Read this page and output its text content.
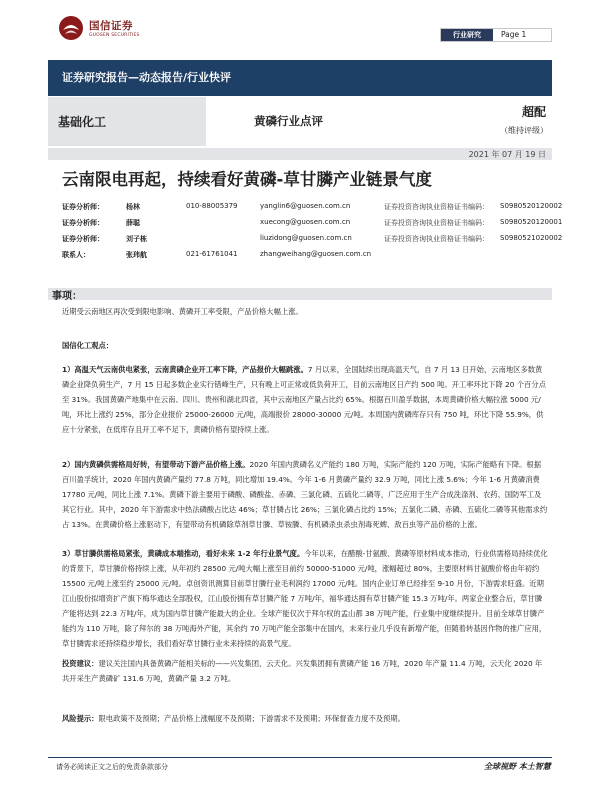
国信证券
GUOSEN SECURITIES	行业研究	Page 1
证券研究报告—动态报告/行业快评
基础化工	黄磷行业点评
超配
（维持评级）
2021 年 07 月 19 日
云南限电再起，持续看好黄磷-草甘膦产业链景气度
证券分析师：	杨林	010-88005379	yanglin6@guosen.com.cn	证券投资咨询执业资格证书编码： S0980520120002
证券分析师：	薛聪	xuecong@guosen.com.cn	证券投资咨询执业资格证书编码： S0980520120001
证券分析师：	刘子栋	liuzidong@guosen.com.cn	证券投资咨询执业资格证书编码： S0980521020002
联系人：	张玮航	021-61761041	zhangweihang@guosen.com.cn
事项：
近期受云南地区再次受到限电影响、黄磷开工率受限，产品价格大幅上涨。
国信化工观点：
1）高温天气云南供电紧张，云南黄磷企业开工率下降，产品报价大幅跳涨。7 月以来，全国陆续出现高温天气，自 7 月 13 日开始，云南地区多数黄磷企业降负荷生产，7 月 15 日起多数企业实行错峰生产，只有晚上可正常或低负荷开工，目前云南地区日产约 500 吨。开工率环比下降 20 个百分点至 31%。我国黄磷产地集中在云南、四川、贵州和湖北四省，其中云南地区产量占比约 65%。根据百川盈孚数据，本周黄磷价格大幅拉涨 5000 元/吨，环比上涨约 25%，部分企业报价 25000-26000 元/吨，高端报价 28000-30000 元/吨。本周国内黄磷库存只有 750 吨，环比下降 55.9%，供应十分紧张，在低库存且开工率不足下，黄磷价格有望持续上涨。
2）国内黄磷供需格局好转，有望带动下游产品价格上涨。2020 年国内黄磷名义产能约 180 万吨，实际产能约 120 万吨，实际产能略有下降。根据百川盈孚统计，2020 年国内黄磷产量约 77.8 万吨，同比增加 19.4%。今年 1-6 月黄磷产量约 32.9 万吨，同比上涨 5.6%；今年 1-6 月黄磷消费 17780 元/吨，同比上涨 7.1%。黄磷下游主要用于磷酸、磷酸盐、赤磷、三氯化磷、五硫化二磷等，广泛应用于生产合成洗涤剂、农药、国防军工及其它行业。其中，2020 年下游需求中热法磷酸占比达 46%；草甘膦占比 26%；三氯化磷占比约 15%；五氯化二磷、赤磷、五硫化二磷等其他需求约占 13%。在黄磷价格上涨驱动下，有望带动有机磷除草剂草甘膦、草铵膦、有机磷杀虫杀虫剂毒死蜱、敌百虫等产品价格的上涨。
3）草甘膦供需格局紧张，黄磷成本端推动，看好未来 1-2 年行业景气度。今年以来，在醋酸-甘氨酸、黄磷等原材料成本推动，行业供需格局持续优化的背景下，草甘膦价格持续上涨，从年初约 28500 元/吨大幅上涨至目前约 50000-51000 元/吨，涨幅超过 80%，主要原材料甘氨酸价格由年初约 15500 元/吨上涨至约 25000 元/吨。卓创资讯测算目前草甘膦行业毛利润约 17000 元/吨。国内企业订单已经排至 9-10 月份，下游需求旺盛。近期江山股份拟增资扩产旗下梅华通达全部股权，江山股份拥有草甘膦产能 7 万吨/年，福华通达拥有草甘膦产能 15.3 万吨/年。两家企业整合后，草甘膦产能将达到 22.3 万吨/年，成为国内草甘膦产能最大的企业。全球产能仅次于拜尔权的孟山都 38 万吨产能，行业集中度继续提升。目前全球草甘膦产能约为 110 万吨，除了拜尔的 38 万吨海外产能，其余约 70 万吨产能全部集中在国内，未来行业几乎没有新增产能，但随着转基因作物的推广应用，草甘膦需求还持续稳步增长，我们看好草甘膦行业未来持续的高景气度。
投资建议：建议关注国内具备黄磷产能相关标的——兴发集团、云天化。兴发集团拥有黄磷产能 16 万吨，2020 年产量 11.4 万吨，云天化 2020 年共开采生产黄磷矿 131.6 万吨，黄磷产量 3.2 万吨。
风险提示：限电政策不及预期；产品价格上涨幅度不及预期；下游需求不及预期；环保督查力度不及预期。
请务必阅读正文之后的免责条款部分	全球视野 本土智慧
